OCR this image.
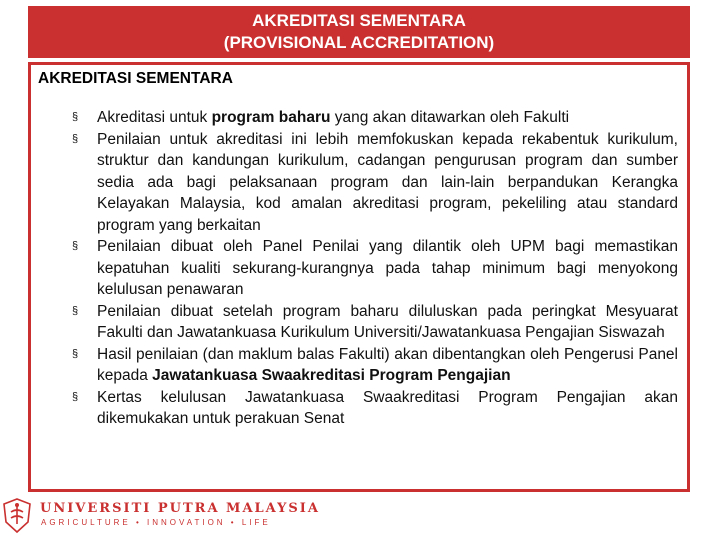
AKREDITASI SEMENTARA
(PROVISIONAL ACCREDITATION)
AKREDITASI SEMENTARA
§ Akreditasi untuk program baharu yang akan ditawarkan oleh Fakulti
§ Penilaian untuk akreditasi ini lebih memfokuskan kepada rekabentuk kurikulum, struktur dan kandungan kurikulum, cadangan pengurusan program dan sumber sedia ada bagi pelaksanaan program dan lain-lain berpandukan Kerangka Kelayakan Malaysia, kod amalan akreditasi program, pekeliling atau standard program yang berkaitan
§ Penilaian dibuat oleh Panel Penilai yang dilantik oleh UPM bagi memastikan kepatuhan kualiti sekurang-kurangnya pada tahap minimum bagi menyokong kelulusan penawaran
§ Penilaian dibuat setelah program baharu diluluskan pada peringkat Mesyuarat Fakulti dan Jawatankuasa Kurikulum Universiti/Jawatankuasa Pengajian Siswazah
§ Hasil penilaian (dan maklum balas Fakulti) akan dibentangkan oleh Pengerusi Panel kepada Jawatankuasa Swaakreditasi Program Pengajian
§ Kertas kelulusan Jawatankuasa Swaakreditasi Program Pengajian akan dikemukakan untuk perakuan Senat
UNIVERSITI PUTRA MALAYSIA
AGRICULTURE • INNOVATION • LIFE
